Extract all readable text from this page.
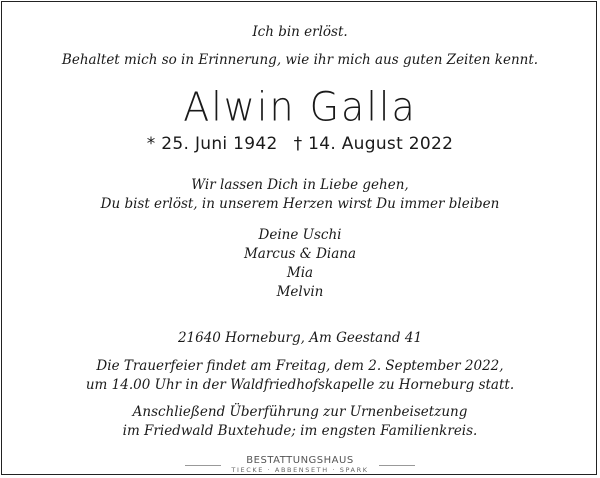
Ich bin erlöst.
Behaltet mich so in Erinnerung, wie ihr mich aus guten Zeiten kennt.
Alwin Galla
* 25. Juni 1942 † 14. August 2022
Wir lassen Dich in Liebe gehen,
Du bist erlöst, in unserem Herzen wirst Du immer bleiben
Deine Uschi
Marcus & Diana
Mia
Melvin
21640 Horneburg, Am Geestand 41
Die Trauerfeier findet am Freitag, dem 2. September 2022,
um 14.00 Uhr in der Waldfriedhofskapelle zu Horneburg statt.
Anschließend Überführung zur Urnenbeisetzung
im Friedwald Buxtehude; im engsten Familienkreis.
BESTATTUNGSHAUS
TIECKE · ABBENSETH · SPARK
